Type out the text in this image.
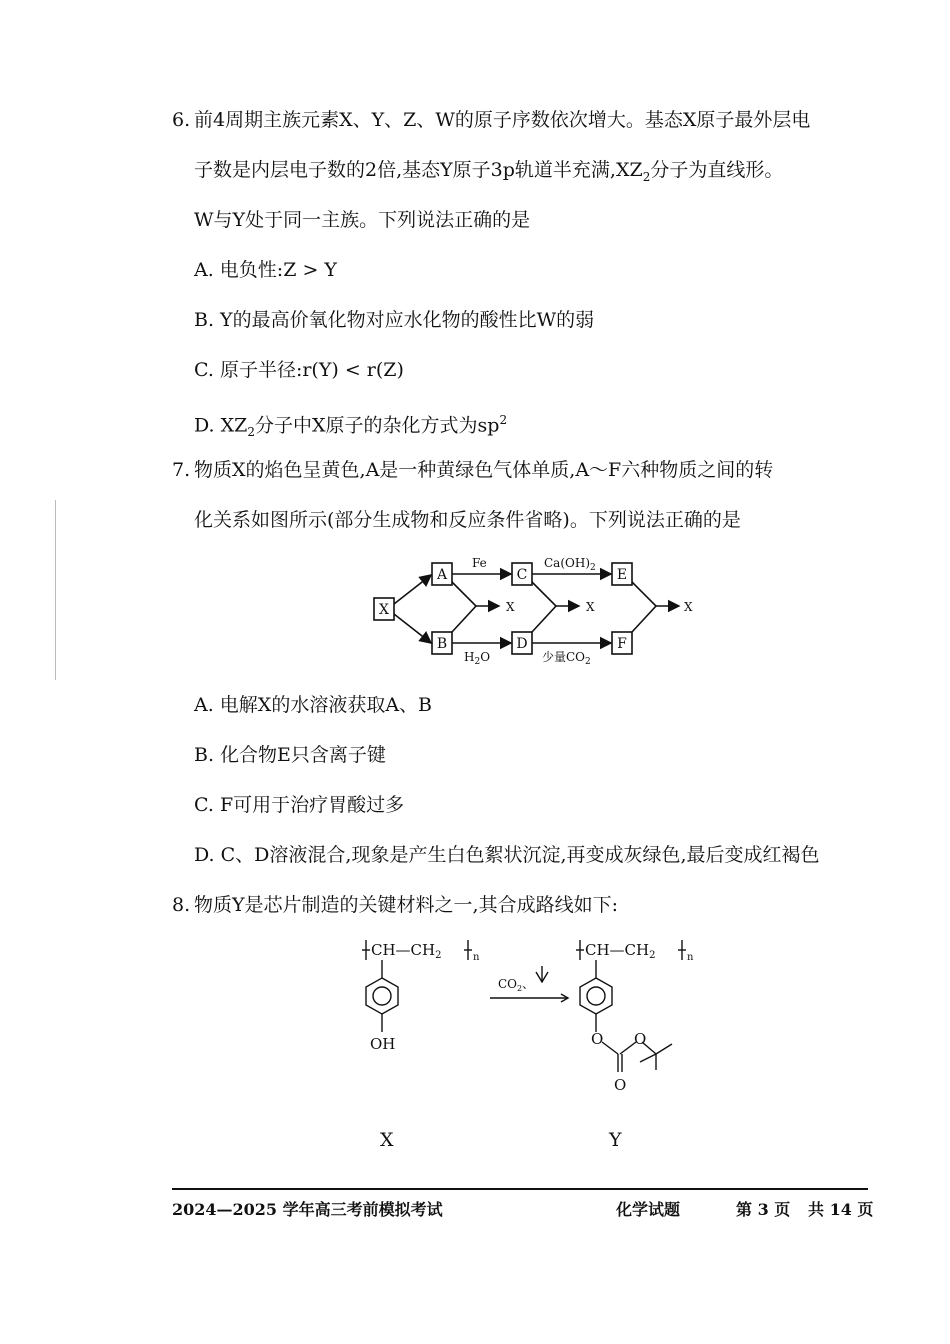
6. 前4周期主族元素X、Y、Z、W的原子序数依次增大。基态X原子最外层电
子数是内层电子数的2倍,基态Y原子3p轨道半充满$,XZ_2$分子为直线形。
W与Y处于同一主族。下列说法正确的是
A. 电负性:Z > Y
B. Y的最高价氧化物对应水化物的酸性比W的弱
C. 原子半径:r(Y) < r(Z)
D. $XZ_2$分子中X原子的杂化方式为$sp^2$
7. 物质X的焰色呈黄色,A是一种黄绿色气体单质,A～F六种物质之间的转
化关系如图所示(部分生成物和反应条件省略)。下列说法正确的是
X
A
B
C
D
E
F
X	X	X
Fe	$Ca(OH)_2$
$H_2O$	少量$CO_2$
A. 电解X的水溶液获取A、B
B. 化合物E只含离子键
C. F可用于治疗胃酸过多
D. C、D溶液混合,现象是产生白色絮状沉淀,再变成灰绿色,最后变成红褐色
8. 物质Y是芯片制造的关键材料之一,其合成路线如下:
$CH—CH_2$	n
OH
$CO_2$、
$CH—CH_2$	n
O O
O
X	Y
2024—2025 学年高三考前模拟考试	化学试题	第 3 页 共 14 页
